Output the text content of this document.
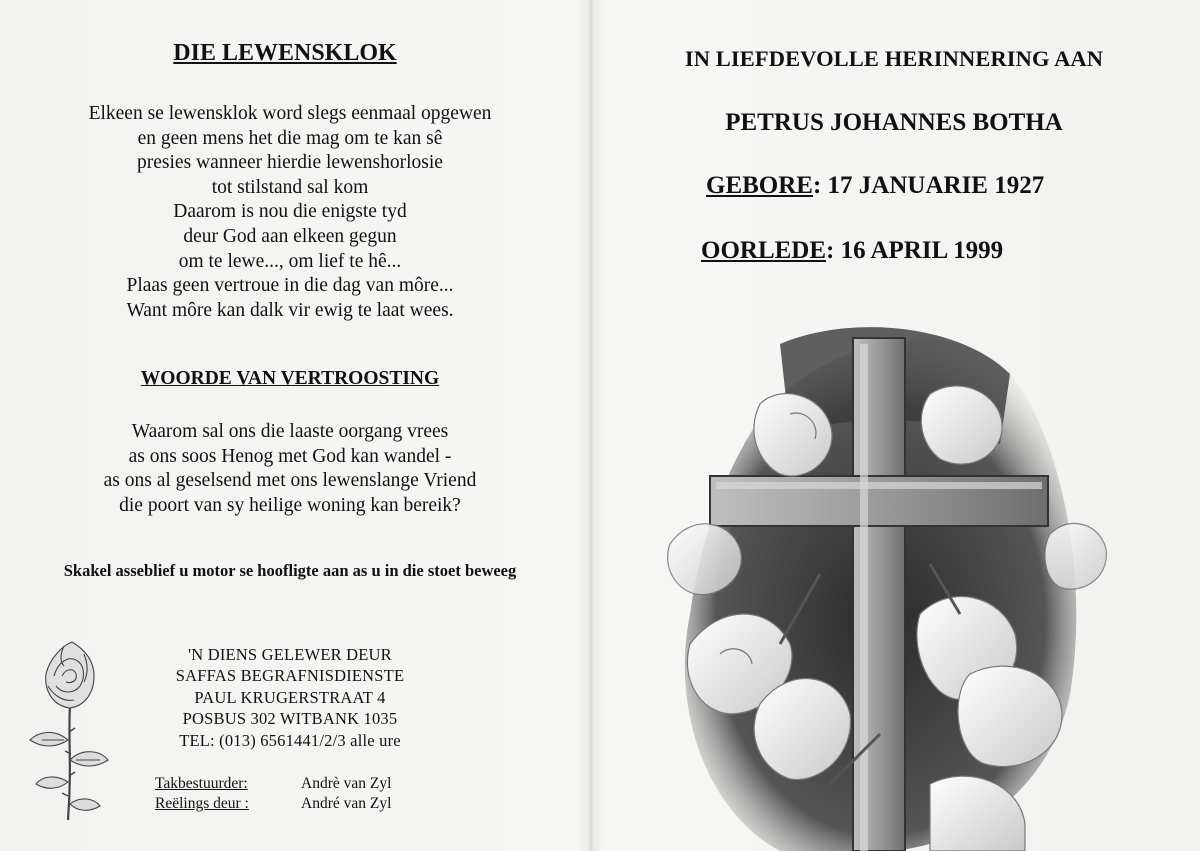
DIE LEWENSKLOK
Elkeen se lewensklok word slegs eenmaal opgewen
en geen mens het die mag om te kan sê
presies wanneer hierdie lewenshorlosie
tot stilstand sal kom
Daarom is nou die enigste tyd
deur God aan elkeen gegun
om te lewe..., om lief te hê...
Plaas geen vertroue in die dag van môre...
Want môre kan dalk vir ewig te laat wees.
WOORDE VAN VERTROOSTING
Waarom sal ons die laaste oorgang vrees
as ons soos Henog met God kan wandel -
as ons al geselsend met ons lewenslange Vriend
die poort van sy heilige woning kan bereik?
Skakel asseblief u motor se hoofligte aan as u in die stoet beweeg
'N DIENS GELEWER DEUR
SAFFAS BEGRAFNISDIENSTE
PAUL KRUGERSTRAAT 4
POSBUS 302 WITBANK 1035
TEL: (013) 6561441/2/3 alle ure
Takbestuurder:	Andrè van Zyl
Reëlings deur :	André van Zyl
IN LIEFDEVOLLE HERINNERING AAN
PETRUS JOHANNES BOTHA
GEBORE: 17 JANUARIE 1927
OORLEDE: 16 APRIL 1999
